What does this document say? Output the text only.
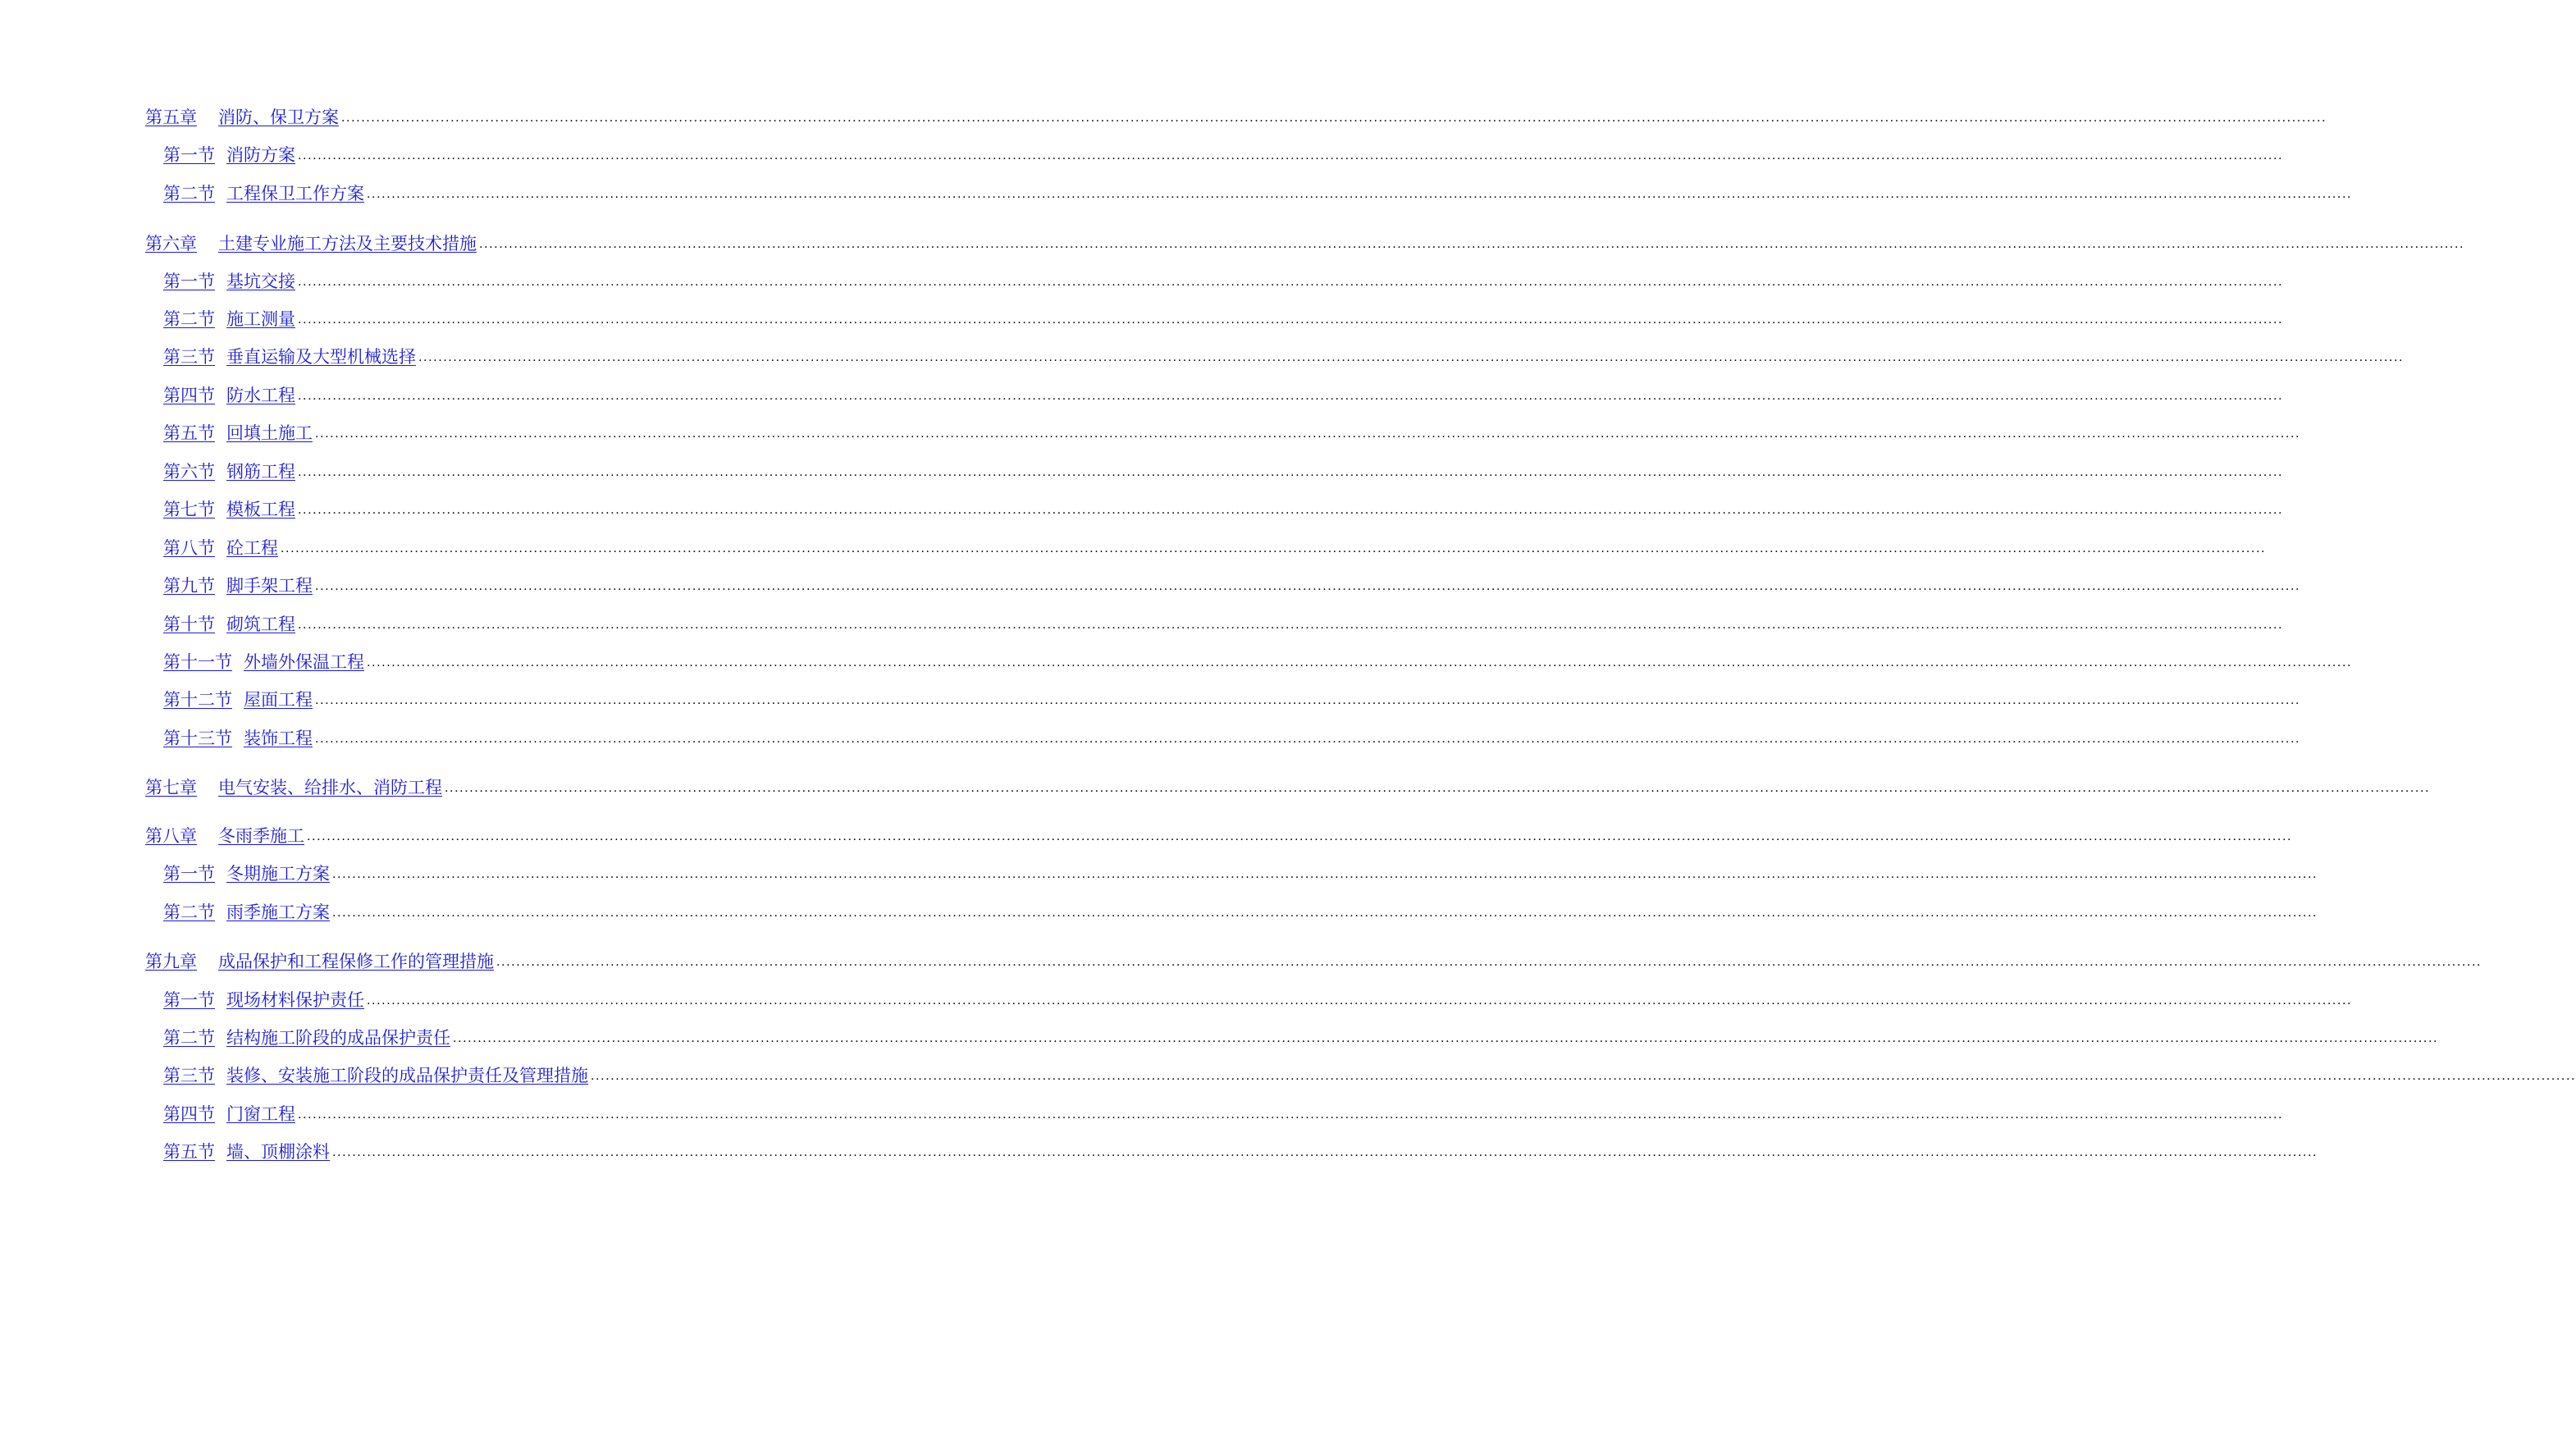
第五章 消防、保卫方案 ................................................................................................................................................................................................................................................................................................................................................................................................................
第一节 消防方案 ................................................................................................................................................................................................................................................................................................................................................................................................................
第二节 工程保卫工作方案 ................................................................................................................................................................................................................................................................................................................................................................................................................
第六章 土建专业施工方法及主要技术措施 ................................................................................................................................................................................................................................................................................................................................................................................................................
第一节 基坑交接 ................................................................................................................................................................................................................................................................................................................................................................................................................
第二节 施工测量 ................................................................................................................................................................................................................................................................................................................................................................................................................
第三节 垂直运输及大型机械选择 ................................................................................................................................................................................................................................................................................................................................................................................................................
第四节 防水工程 ................................................................................................................................................................................................................................................................................................................................................................................................................
第五节 回填土施工 ................................................................................................................................................................................................................................................................................................................................................................................................................
第六节 钢筋工程 ................................................................................................................................................................................................................................................................................................................................................................................................................
第七节 模板工程 ................................................................................................................................................................................................................................................................................................................................................................................................................
第八节 砼工程 ................................................................................................................................................................................................................................................................................................................................................................................................................
第九节 脚手架工程 ................................................................................................................................................................................................................................................................................................................................................................................................................
第十节 砌筑工程 ................................................................................................................................................................................................................................................................................................................................................................................................................
第十一节 外墙外保温工程 ................................................................................................................................................................................................................................................................................................................................................................................................................
第十二节 屋面工程 ................................................................................................................................................................................................................................................................................................................................................................................................................
第十三节 装饰工程 ................................................................................................................................................................................................................................................................................................................................................................................................................
第七章 电气安装、给排水、消防工程 ................................................................................................................................................................................................................................................................................................................................................................................................................
第八章 冬雨季施工 ................................................................................................................................................................................................................................................................................................................................................................................................................
第一节 冬期施工方案 ................................................................................................................................................................................................................................................................................................................................................................................................................
第二节 雨季施工方案 ................................................................................................................................................................................................................................................................................................................................................................................................................
第九章 成品保护和工程保修工作的管理措施 ................................................................................................................................................................................................................................................................................................................................................................................................................
第一节 现场材料保护责任 ................................................................................................................................................................................................................................................................................................................................................................................................................
第二节 结构施工阶段的成品保护责任 ................................................................................................................................................................................................................................................................................................................................................................................................................
第三节 装修、安装施工阶段的成品保护责任及管理措施 ................................................................................................................................................................................................................................................................................................................................................................................................................
第四节 门窗工程 ................................................................................................................................................................................................................................................................................................................................................................................................................
第五节 墙、顶棚涂料 ................................................................................................................................................................................................................................................................................................................................................................................................................
